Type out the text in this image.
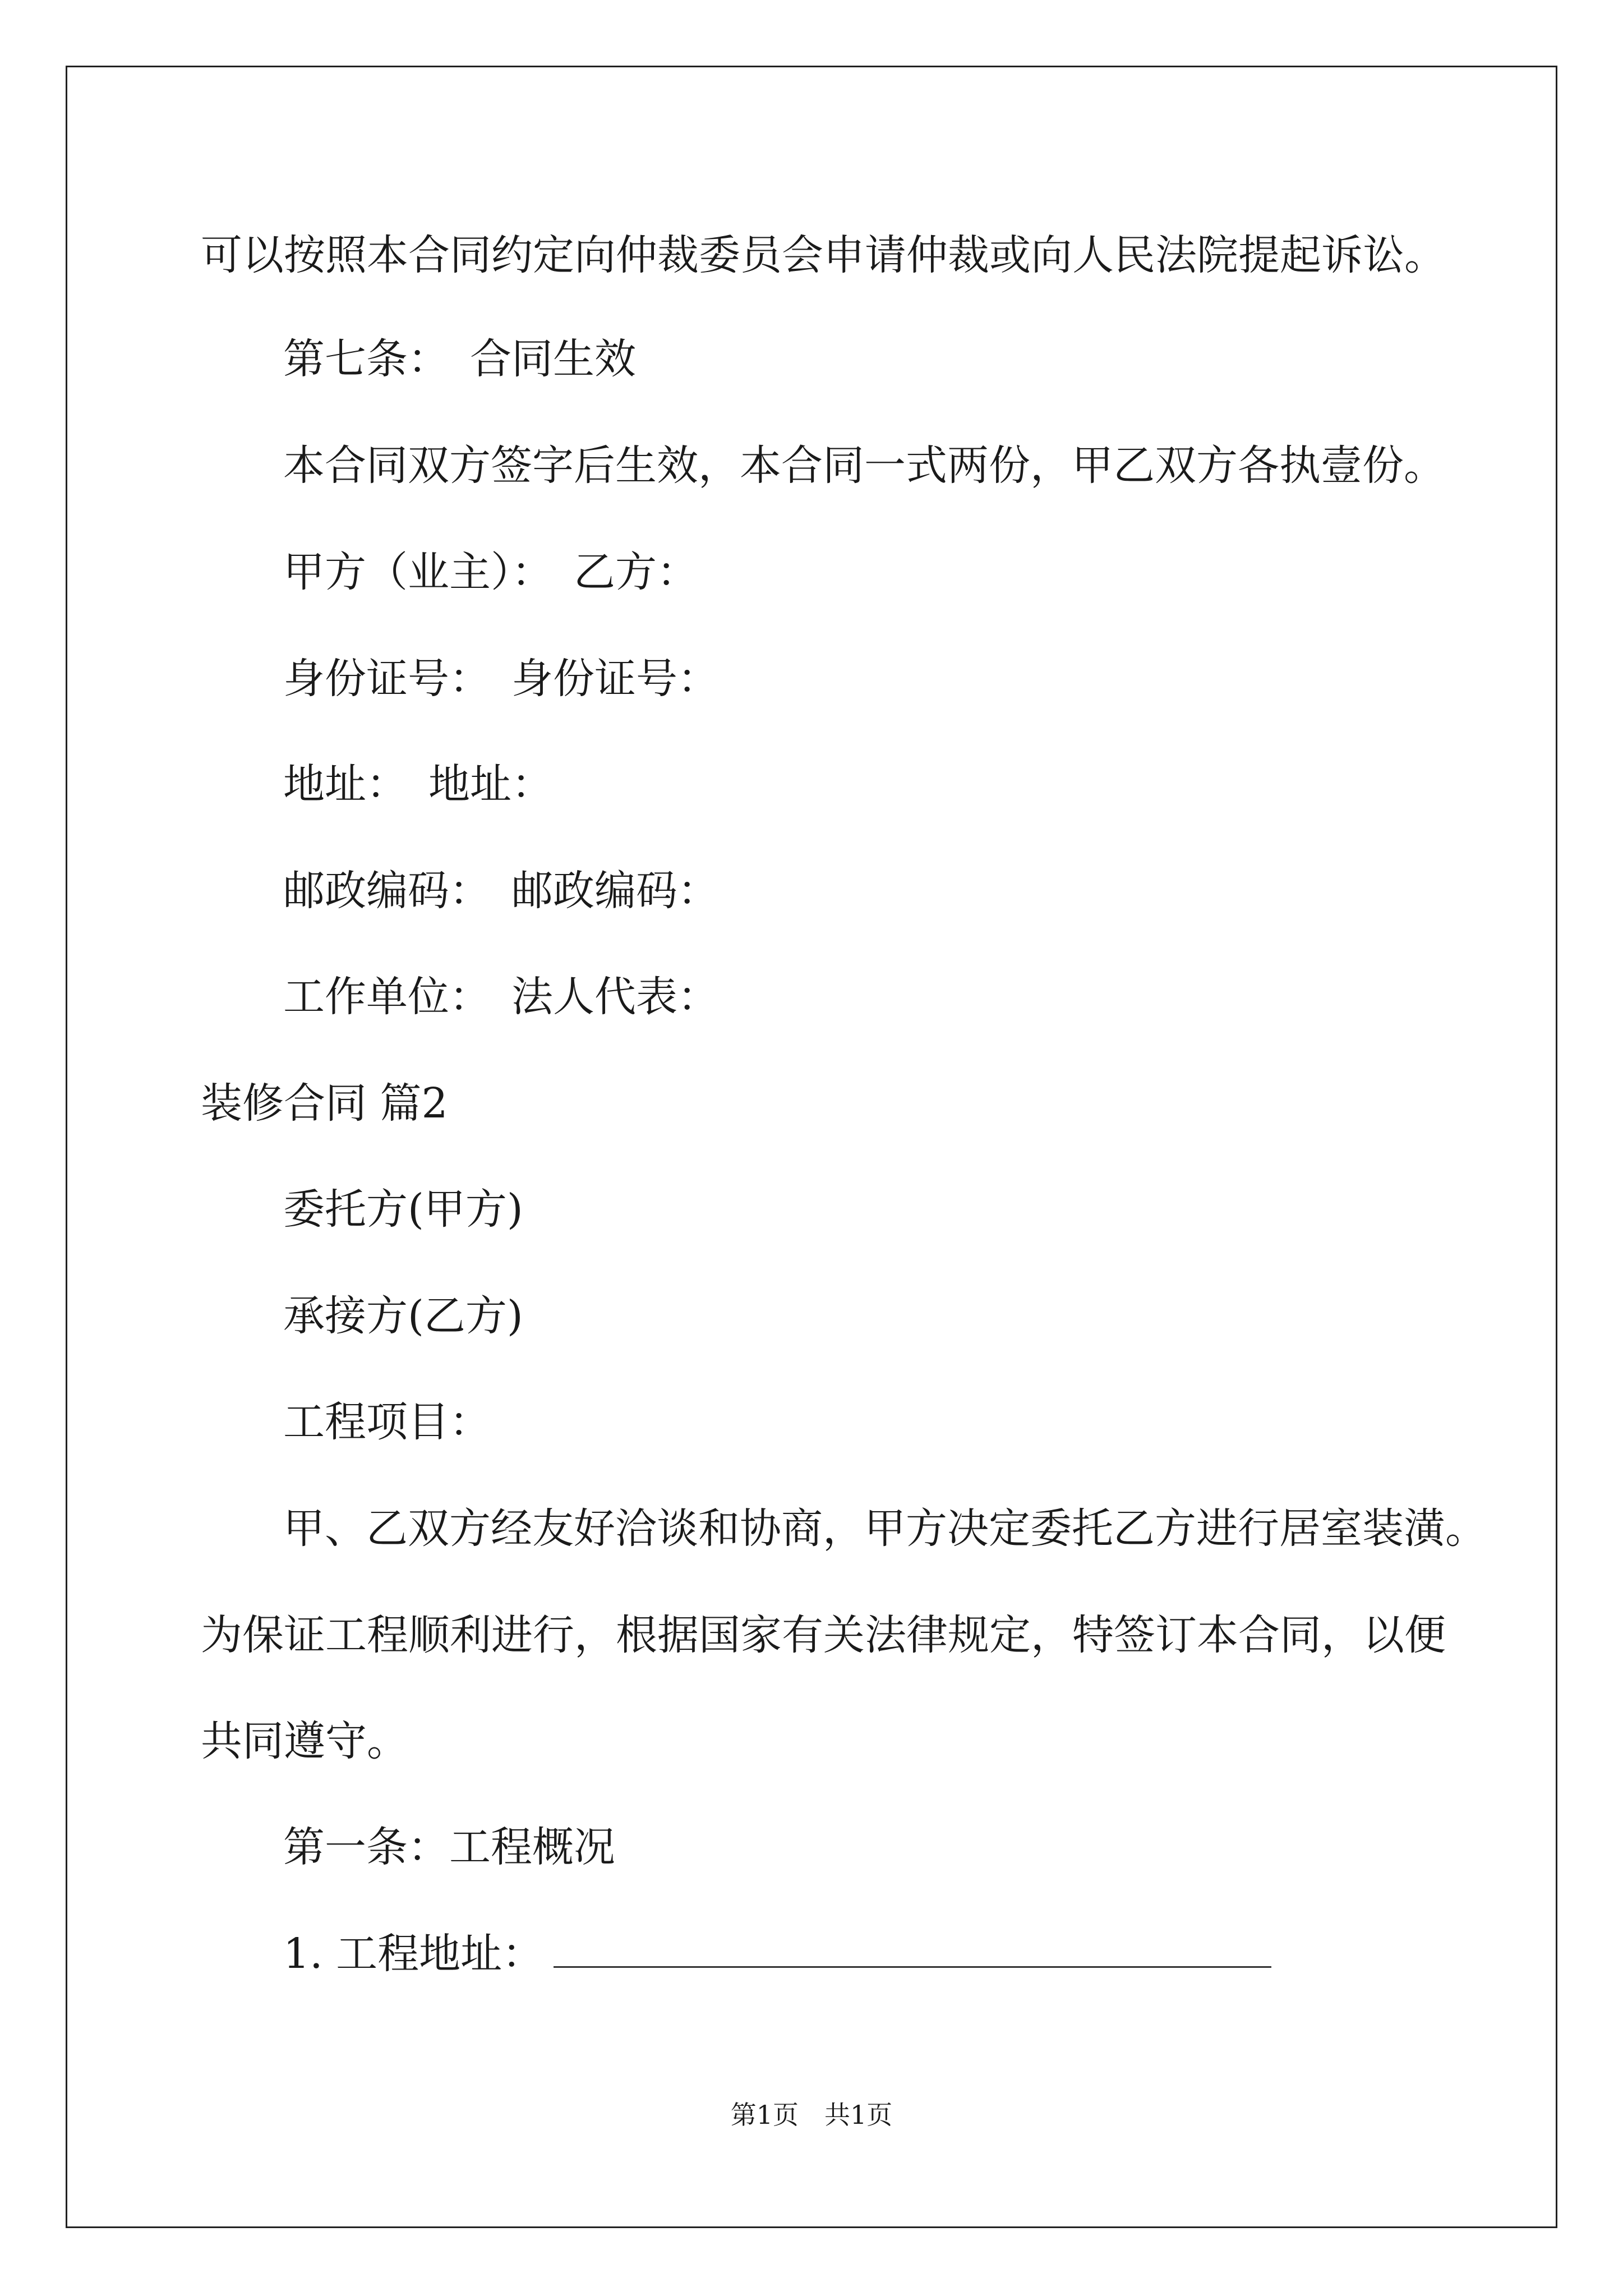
可以按照本合同约定向仲裁委员会申请仲裁或向人民法院提起诉讼。
第七条：　合同生效
本合同双方签字后生效，本合同一式两份，甲乙双方各执壹份。
甲方（业主）：　乙方：
身份证号：　身份证号：
地址：　地址：
邮政编码：　邮政编码：
工作单位：　法人代表：
装修合同 篇2
委托方(甲方)
承接方(乙方)
工程项目：
甲、乙双方经友好洽谈和协商，甲方决定委托乙方进行居室装潢。
为保证工程顺利进行，根据国家有关法律规定，特签订本合同，以便
共同遵守。
第一条：工程概况
1. 工程地址：
第1页　共1页
